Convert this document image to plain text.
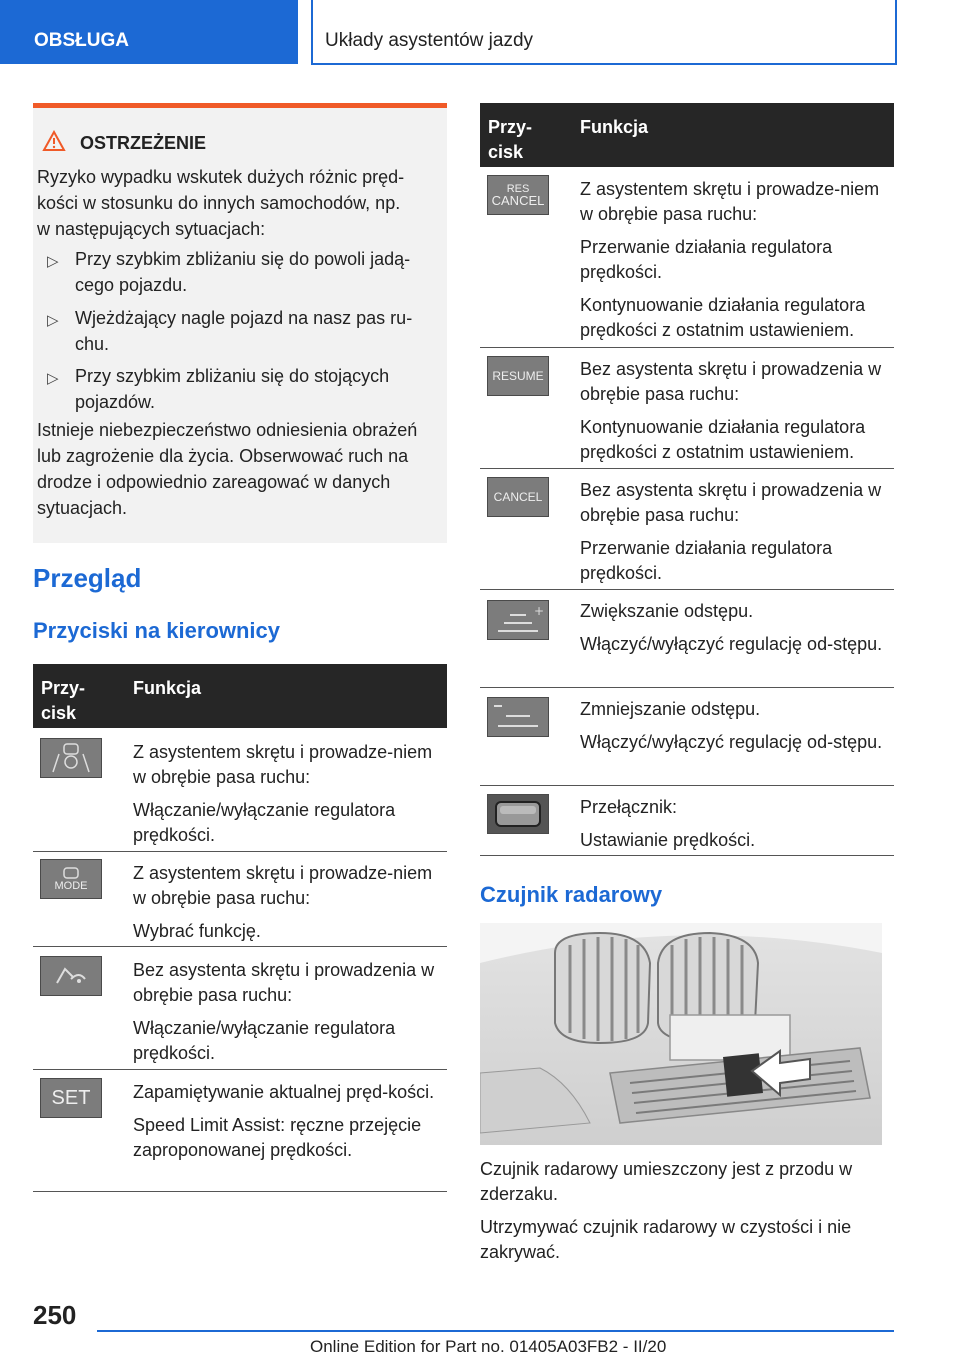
OBSŁUGA	Układy asystentów jazdy
OSTRZEŻENIE
Ryzyko wypadku wskutek dużych różnic pręd-
kości w stosunku do innych samochodów, np.
w następujących sytuacjach:
▷ Przy szybkim zbliżaniu się do powoli jadą-
cego pojazdu.
▷ Wjeżdżający nagle pojazd na nasz pas ru-
chu.
▷ Przy szybkim zbliżaniu się do stojących
pojazdów.
Istnieje niebezpieczeństwo odniesienia obrażeń
lub zagrożenie dla życia. Obserwować ruch na
drodze i odpowiednio zareagować w danych
sytuacjach.
Przegląd
Przyciski na kierownicy
Przy-
cisk
Funkcja

Z asystentem skrętu i prowadze-niem w obrębie pasa ruchu:

Włączanie/wyłączanie regulatora prędkości.

MODE

Z asystentem skrętu i prowadze-niem w obrębie pasa ruchu:

Wybrać funkcję.

Bez asystenta skrętu i prowadzenia w obrębie pasa ruchu:

Włączanie/wyłączanie regulatora prędkości.

SET Zapamiętywanie aktualnej pręd-kości.

Speed Limit Assist: ręczne przejęcie zaproponowanej prędkości.

Przy-
cisk
Funkcja
RES
CANCEL

Z asystentem skrętu i prowadze-niem w obrębie pasa ruchu:

Przerwanie działania regulatora prędkości.

Kontynuowanie działania regulatora prędkości z ostatnim ustawieniem.

RESUME Bez asystenta skrętu i prowadzenia w obrębie pasa ruchu:

Kontynuowanie działania regulatora prędkości z ostatnim ustawieniem.

CANCEL Bez asystenta skrętu i prowadzenia w obrębie pasa ruchu:

Przerwanie działania regulatora prędkości.

+ Zwiększanie odstępu.

Włączyć/wyłączyć regulację od-stępu.

Zmniejszanie odstępu.

Włączyć/wyłączyć regulację od-stępu.

Przełącznik:

Ustawianie prędkości.

Czujnik radarowy
Czujnik radarowy umieszczony jest z przodu w zderzaku.
Utrzymywać czujnik radarowy w czystości i nie zakrywać.
250
Online Edition for Part no. 01405A03FB2 - II/20
